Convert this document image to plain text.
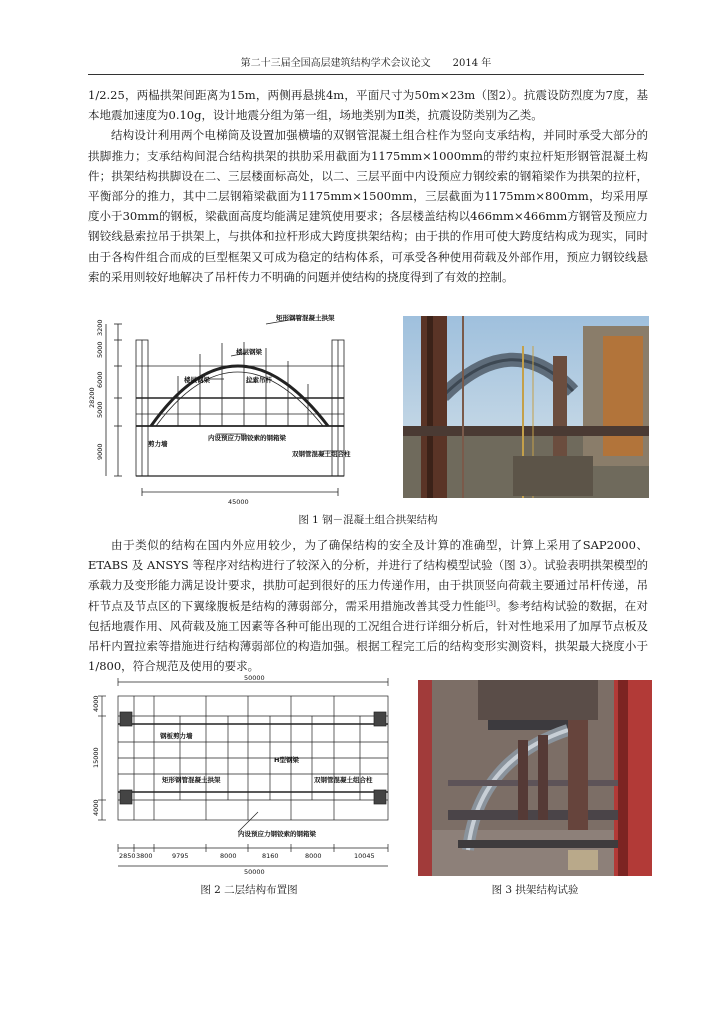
第二十三届全国高层建筑结构学术会议论文 2014 年

1/2.25，两榀拱架间距离为15m，两侧再悬挑4m，平面尺寸为50m×23m（图2）。抗震设防烈度为7度，基本地震加速度为0.10g，设计地震分组为第一组，场地类别为Ⅱ类，抗震设防类别为乙类。

结构设计利用两个电梯筒及设置加强横墙的双钢管混凝土组合柱作为竖向支承结构，并同时承受大部分的拱脚推力；支承结构间混合结构拱架的拱肋采用截面为1175mm×1000mm的带约束拉杆矩形钢管混凝土构件；拱架结构拱脚设在二、三层楼面标高处，以二、三层平面中内设预应力钢绞索的钢箱梁作为拱架的拉杆，平衡部分的推力，其中二层钢箱梁截面为1175mm×1500mm，三层截面为1175mm×800mm，均采用厚度小于30mm的钢板，梁截面高度均能满足建筑使用要求；各层楼盖结构以466mm×466mm方钢管及预应力钢铰线悬索拉吊于拱架上，与拱体和拉杆形成大跨度拱架结构；由于拱的作用可使大跨度结构成为现实，同时由于各构件组合而成的巨型框架又可成为稳定的结构体系，可承受各种使用荷载及外部作用，预应力钢铰线悬索的采用则较好地解决了吊杆传力不明确的问题并使结构的挠度得到了有效的控制。

3200
5000
6000
5000
9000
28200
矩形钢管混凝土拱架
楼层钢梁
楼层钢梁	拉索吊杆
剪力墙
内设预应力钢铰索的钢箱梁
双钢管混凝土组合柱
45000
图 1 钢－混凝土组合拱架结构

由于类似的结构在国内外应用较少，为了确保结构的安全及计算的准确型，计算上采用了SAP2000、ETABS 及 ANSYS 等程序对结构进行了较深入的分析，并进行了结构模型试验（图 3）。试验表明拱架模型的承载力及变形能力满足设计要求，拱肋可起到很好的压力传递作用，由于拱顶竖向荷载主要通过吊杆传递，吊杆节点及节点区的下翼缘腹板是结构的薄弱部分，需采用措施改善其受力性能[3]。参考结构试验的数据，在对包括地震作用、风荷载及施工因素等各种可能出现的工况组合进行详细分析后，针对性地采用了加厚节点板及吊杆内置拉索等措施进行结构薄弱部位的构造加强。根据工程完工后的结构变形实测资料，拱架最大挠度小于 1/800，符合规范及使用的要求。

50000
4000
15000
4000
钢板剪力墙
H型钢梁
矩形钢管混凝土拱架	双钢管混凝土组合柱
内设预应力钢铰索的钢箱梁
2850 3800	9795	8000	8160	8000	10045
50000
图 2 二层结构布置图	图 3 拱架结构试验
